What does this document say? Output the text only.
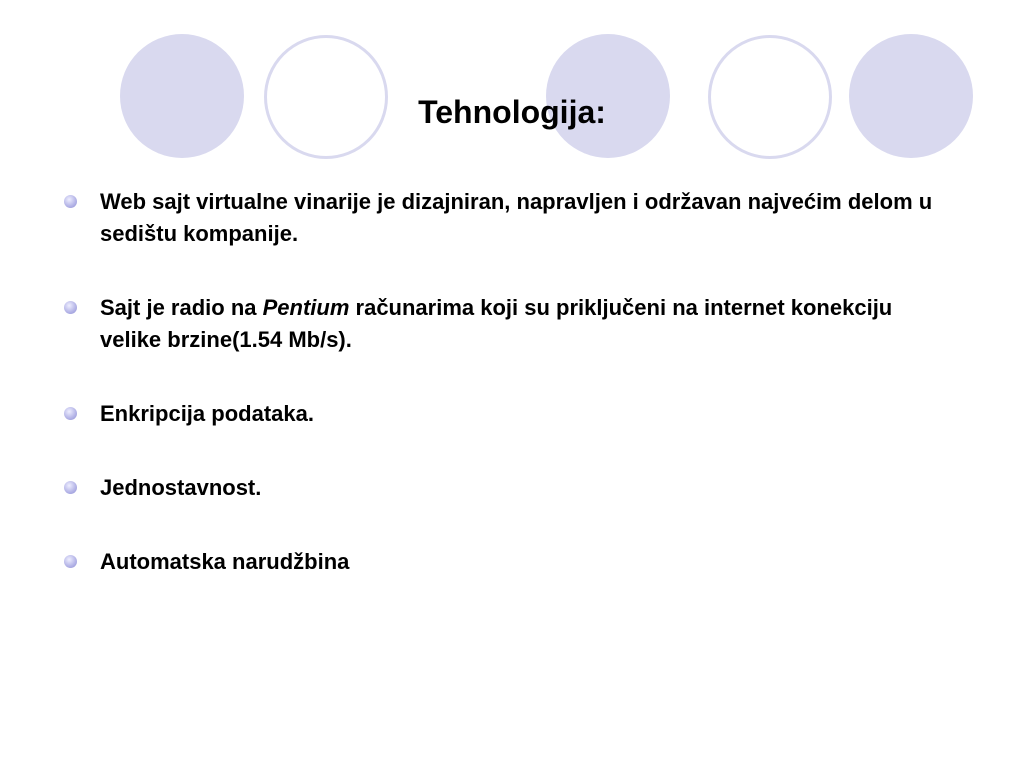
Tehnologija:
Web sajt virtualne vinarije je dizajniran, napravljen i održavan najvećim delom u sedištu kompanije.
Sajt je radio na Pentium računarima koji su priključeni na internet konekciju velike brzine(1.54 Mb/s).
Enkripcija podataka.
Jednostavnost.
Automatska narudžbina
